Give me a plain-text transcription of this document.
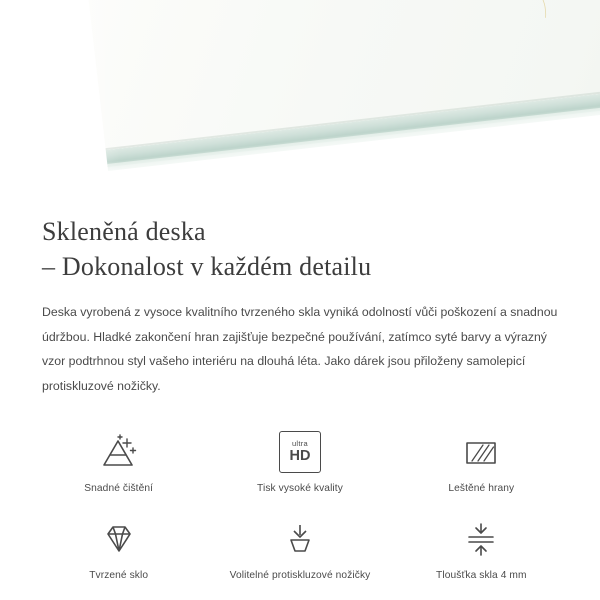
Skleněná deska
– Dokonalost v každém detailu

Deska vyrobená z vysoce kvalitního tvrzeného skla vyniká odolností vůči poškození a snadnou údržbou. Hladké zakončení hran zajišťuje bezpečné používání, zatímco syté barvy a výrazný vzor podtrhnou styl vašeho interiéru na dlouhá léta. Jako dárek jsou přiloženy samolepicí protiskluzové nožičky.

Snadné čištění
ultra
HD
Tisk vysoké kvality	Leštěné hrany
Tvrzené sklo	Volitelné protiskluzové nožičky	Tloušťka skla 4 mm
